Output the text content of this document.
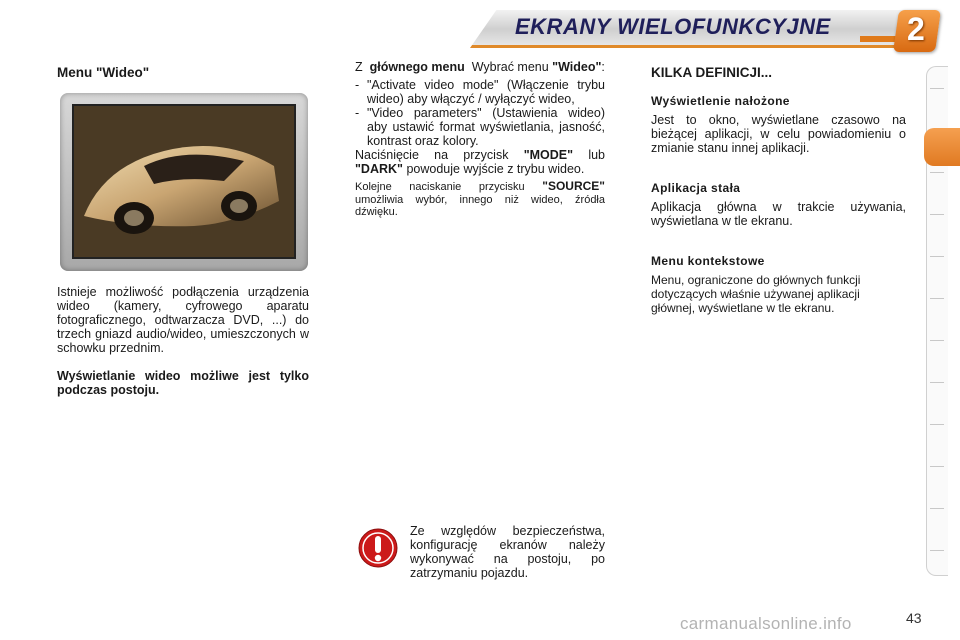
EKRANY WIELOFUNKCYJNE 2
Menu "Wideo"

Istnieje możliwość podłączenia urządzenia wideo (kamery, cyfrowego aparatu fotograficznego, odtwarzacza DVD, ...) do trzech gniazd audio/wideo, umieszczonych w schowku przednim.

Wyświetlanie wideo możliwe jest tylko podczas postoju.

Z głównego menu Wybrać menu "Wideo":

- "Activate video mode" (Włączenie trybu wideo) aby włączyć / wyłączyć wideo,
- "Video parameters" (Ustawienia wideo) aby ustawić format wyświetlania, jasność, kontrast oraz kolory.

Naciśnięcie na przycisk "MODE" lub "DARK" powoduje wyjście z trybu wideo.

Kolejne naciskanie przycisku "SOURCE" umożliwia wybór, innego niż wideo, źródła dźwięku.

KILKA DEFINICJI...
Wyświetlenie nałożone

Jest to okno, wyświetlane czasowo na bieżącej aplikacji, w celu powiadomieniu o zmianie stanu innej aplikacji.

Aplikacja stała

Aplikacja główna w trakcie używania, wyświetlana w tle ekranu.

Menu kontekstowe

Menu, ograniczone do głównych funkcji dotyczących właśnie używanej aplikacji głównej, wyświetlane w tle ekranu.

Ze względów bezpieczeństwa, konfigurację ekranów należy wykonywać na postoju, po zatrzymaniu pojazdu.

carmanualsonline.info	43
